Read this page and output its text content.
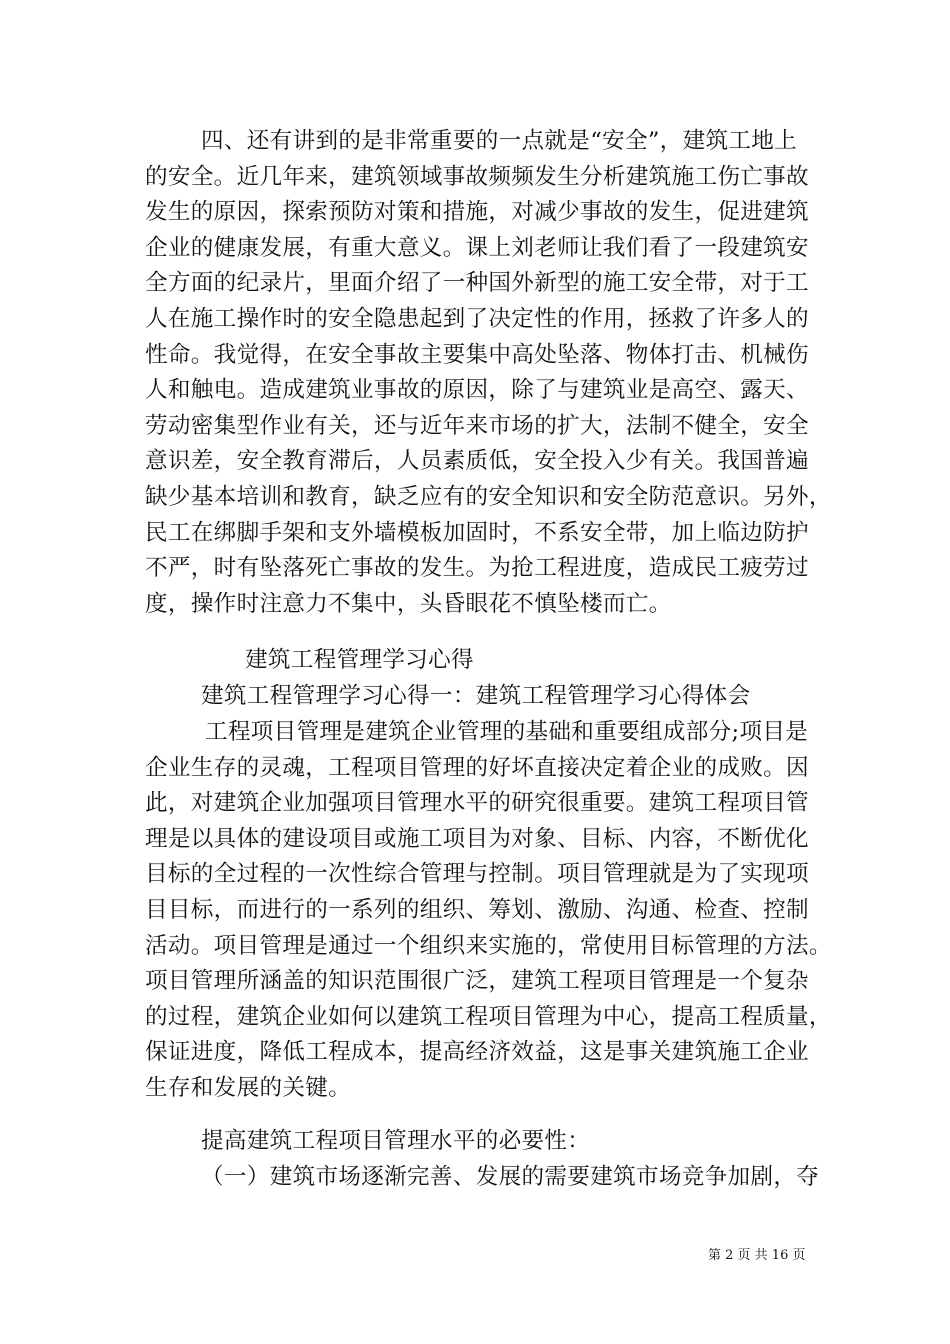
四、还有讲到的是非常重要的一点就是“安全”，建筑工地上
的安全。近几年来，建筑领域事故频频发生分析建筑施工伤亡事故
发生的原因，探索预防对策和措施，对减少事故的发生，促进建筑
企业的健康发展，有重大意义。课上刘老师让我们看了一段建筑安
全方面的纪录片，里面介绍了一种国外新型的施工安全带，对于工
人在施工操作时的安全隐患起到了决定性的作用，拯救了许多人的
性命。我觉得，在安全事故主要集中高处坠落、物体打击、机械伤
人和触电。造成建筑业事故的原因，除了与建筑业是高空、露天、
劳动密集型作业有关，还与近年来市场的扩大，法制不健全，安全
意识差，安全教育滞后，人员素质低，安全投入少有关。我国普遍
缺少基本培训和教育，缺乏应有的安全知识和安全防范意识。另外，
民工在绑脚手架和支外墙模板加固时，不系安全带，加上临边防护
不严，时有坠落死亡事故的发生。为抢工程进度，造成民工疲劳过
度，操作时注意力不集中，头昏眼花不慎坠楼而亡。
建筑工程管理学习心得
建筑工程管理学习心得一：建筑工程管理学习心得体会
工程项目管理是建筑企业管理的基础和重要组成部分;项目是
企业生存的灵魂，工程项目管理的好坏直接决定着企业的成败。因
此，对建筑企业加强项目管理水平的研究很重要。建筑工程项目管
理是以具体的建设项目或施工项目为对象、目标、内容，不断优化
目标的全过程的一次性综合管理与控制。项目管理就是为了实现项
目目标，而进行的一系列的组织、筹划、激励、沟通、检查、控制
活动。项目管理是通过一个组织来实施的，常使用目标管理的方法。
项目管理所涵盖的知识范围很广泛，建筑工程项目管理是一个复杂
的过程，建筑企业如何以建筑工程项目管理为中心，提高工程质量，
保证进度，降低工程成本，提高经济效益，这是事关建筑施工企业
生存和发展的关键。
提高建筑工程项目管理水平的必要性：
（一）建筑市场逐渐完善、发展的需要建筑市场竞争加剧，夺
第 2 页 共 16 页
